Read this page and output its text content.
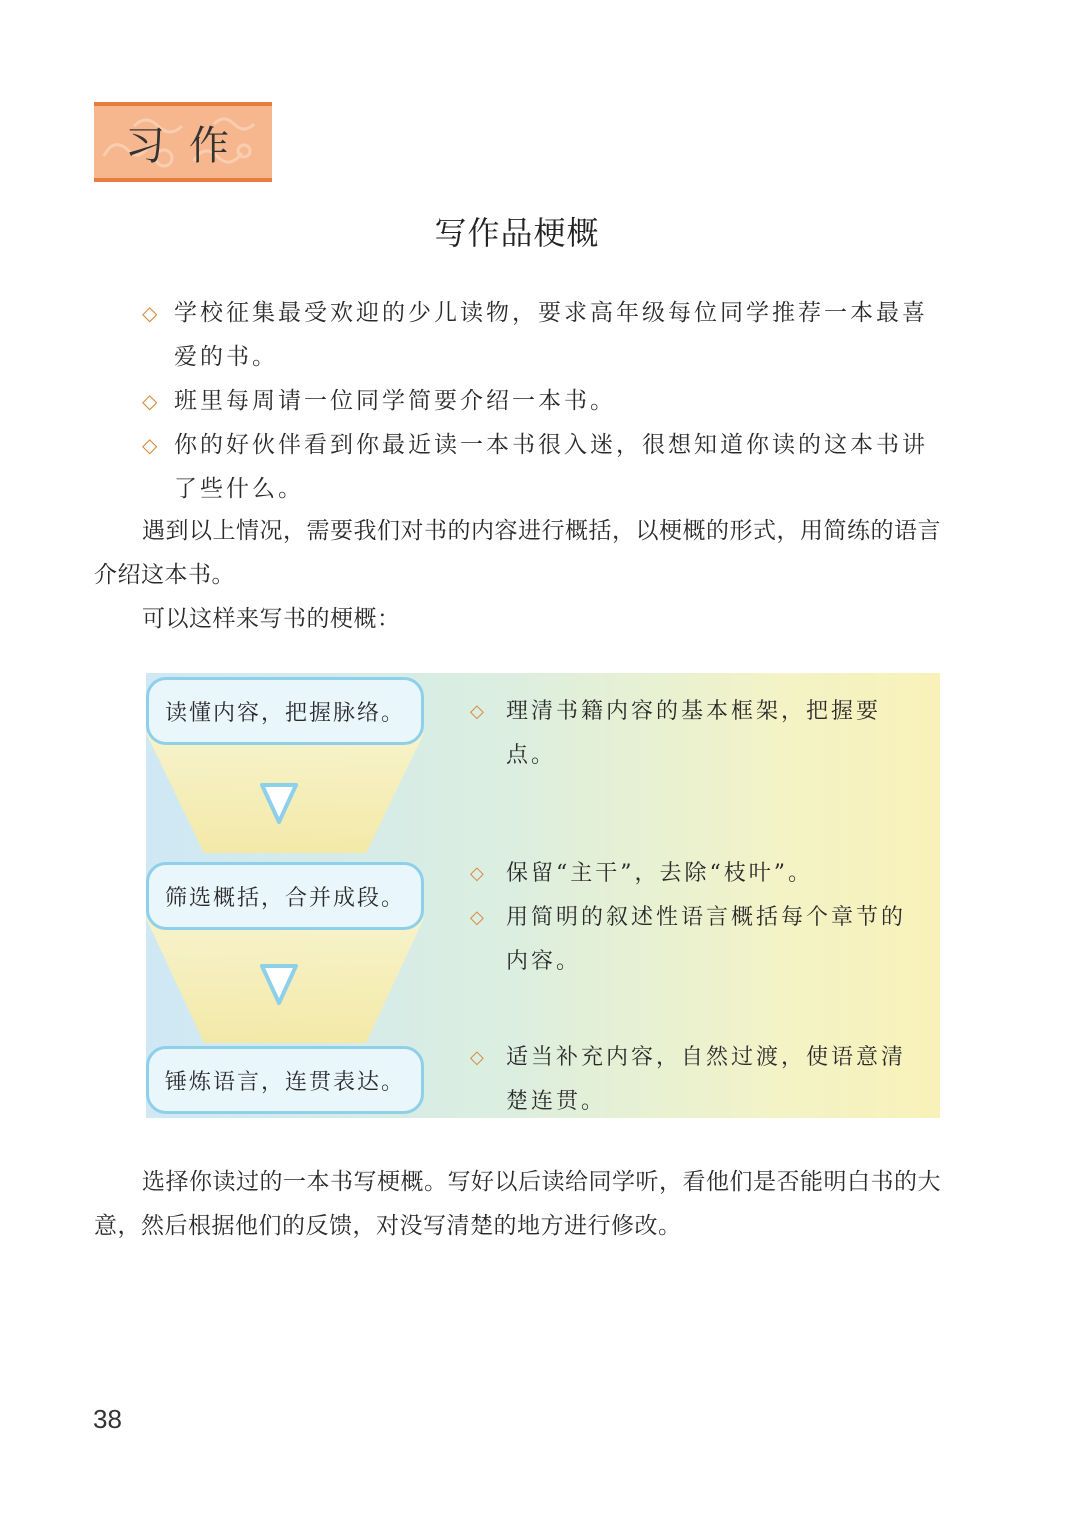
习作
写作品梗概
◇ 学校征集最受欢迎的少儿读物，要求高年级每位同学推荐一本最喜爱的书。
◇ 班里每周请一位同学简要介绍一本书。
◇ 你的好伙伴看到你最近读一本书很入迷，很想知道你读的这本书讲了些什么。
遇到以上情况，需要我们对书的内容进行概括，以梗概的形式，用简练的语言介绍这本书。
可以这样来写书的梗概：
读懂内容，把握脉络。
筛选概括，合并成段。
锤炼语言，连贯表达。
◇ 理清书籍内容的基本框架，把握要点。
◇ 保留“主干”，去除“枝叶”。
◇ 用简明的叙述性语言概括每个章节的内容。
◇ 适当补充内容，自然过渡，使语意清楚连贯。
选择你读过的一本书写梗概。写好以后读给同学听，看他们是否能明白书的大意，然后根据他们的反馈，对没写清楚的地方进行修改。
38
